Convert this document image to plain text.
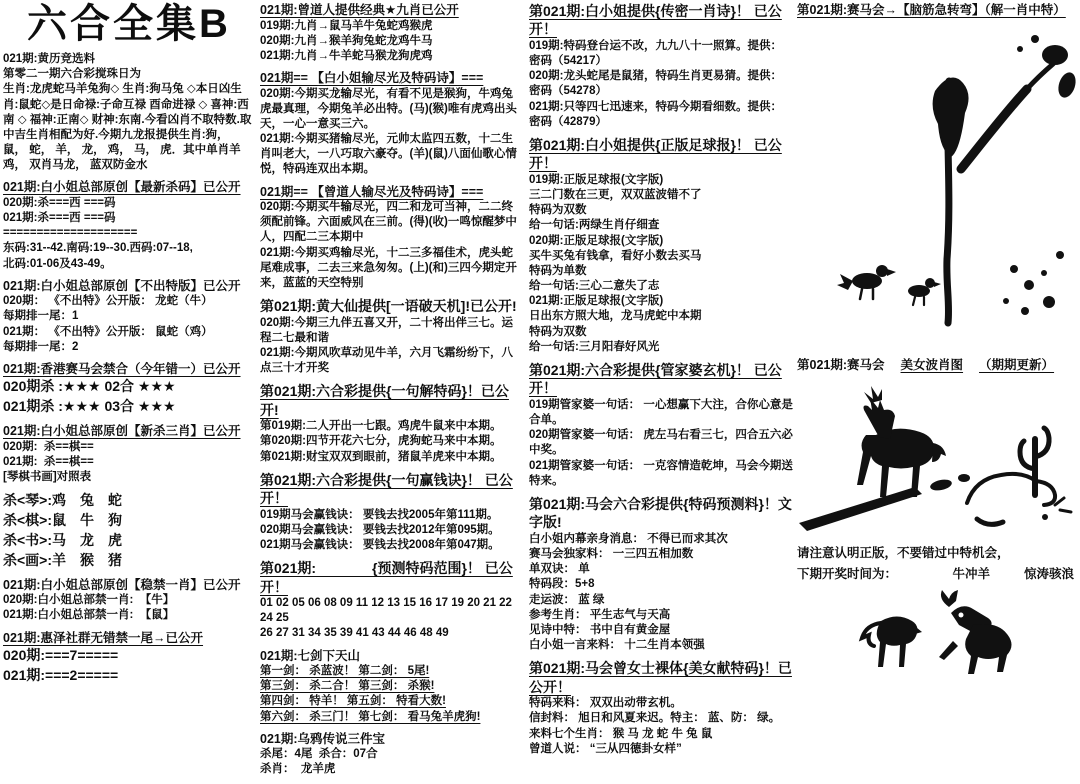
六合全集B
021期:黄历竞选料
第零二一期六合彩搅珠日为
生肖:龙虎蛇马羊兔狗◇ 生肖:狗马兔 ◇本日凶生肖:鼠蛇◇是日命禄:子命互禄 酉命进禄 ◇ 喜神:西南 ◇ 福神:正南◇ 财神:东南.今看凶肖不取特数.取中吉生肖相配为好.今期九龙报提供生肖:狗， 鼠， 蛇， 羊， 龙， 鸡， 马， 虎．其中单肖羊鸡， 双肖马龙， 蓝双防金水
021期:白小姐总部原创【最新杀码】已公开
020期:杀===西 ===码
021期:杀===西 ===码
====================
东码:31--42.南码:19--30.西码:07--18,
北码:01-06及43-49。
021期:白小姐总部原创【不出特版】已公开
020期： 《不出特》公开版： 龙蛇（牛）
每期排一尾：1
021期： 《不出特》公开版： 鼠蛇（鸡）
每期排一尾：2
021期:香港赛马会禁合（今年错一）已公开
020期杀 :★★★ 02合 ★★★
021期杀 :★★★ 03合 ★★★
021期:白小姐总部原创【新杀三肖】已公开
020期:  杀==棋==
021期:  杀==棋==
[琴棋书画]对照表
杀<琴>:鸡　兔　蛇
杀<棋>:鼠　牛　狗
杀<书>:马　龙　虎
杀<画>:羊　猴　猪
021期:白小姐总部原创【稳禁一肖】已公开
020期:白小姐总部禁一肖:  【牛】
021期:白小姐总部禁一肖:  【鼠】
021期:惠泽社群无错禁一尾→已公开
020期:===7=====
021期:===2=====
021期:曾道人提供经典★九肖已公开
019期:九肖→鼠马羊牛兔蛇鸡猴虎
020期:九肖→猴羊狗兔蛇龙鸡牛马
021期:九肖→牛羊蛇马猴龙狗虎鸡
021期== 【白小姐输尽光及特码诗】===
020期:今期买龙输尽光，有看不见是猴狗，牛鸡兔虎最真理，今期兔羊必出特。(马)(猴)唯有虎鸡出头天，一心一意买三六。
021期:今期买猪输尽光，元帅太监四五数，十二生肖叫老大，一八巧取六豪夺。(羊)(鼠)八面仙歌心情悦，特码连双出本期。
021期== 【曾道人输尽光及特码诗】===
020期:今期买牛输尽光，四二和龙可当神，二二终须配前锋。六面威风在三前。(得)(收)一鸣惊醒梦中人，四配二三本期中
021期:今期买鸡输尽光，十二三多福佳术，虎头蛇尾难成事，二去三来急匆匆。(上)(和)三四今期定开来，蓝蓝的天空特别
第021期:黄大仙提供[一语破天机]!已公开!
020期:今期三九伴五喜又开，二十将出伴三七。运程二七最和谐
021期:今期风吹草动见牛羊，六月飞霜纷纷下，八点三十才开奖
第021期:六合彩提供{一句解特码}！已公开!
第019期:二人开出一七跟。鸡虎牛鼠来中本期。
第020期:四节开花六七分，虎狗蛇马来中本期。
第021期:财宝双双到眼前，猪鼠羊虎来中本期。
第021期:六合彩提供{一句赢钱诀}！ 已公开！
019期马会赢钱诀： 要钱去找2005年第111期。
020期马会赢钱诀： 要钱去找2012年第095期。
021期马会赢钱诀： 要钱去找2008年第047期。
第021期:　　　　{预测特码范围}！ 已公开！
01 02 05 06 08 09 11 12 13 15 16 17 19 20 21 22 24 25
26 27 31 34 35 39 41 43 44 46 48 49
021期:七剑下天山
第一剑： 杀蓝波！ 第二剑： 5尾!
第三剑： 杀二合！ 第三剑： 杀猴!
第四剑： 特羊！ 第五剑： 特看大数!
第六剑： 杀三门！ 第七剑： 看马兔羊虎狗!
021期:乌鸦传说三件宝
杀尾：4尾  杀合：07合
杀肖：  龙羊虎
第021期:白小姐提供{传密一肖诗}！ 已公开！
019期:特码登台运不改，九九八十一照算。提供： 密码（54217）
020期:龙头蛇尾是鼠猪，特码生肖更易猜。提供： 密码（54278）
021期:只等四七迅速来，特码今期看细数。提供： 密码（42879）
第021期:白小姐提供{正版足球报}！ 已公开！
019期:正版足球报(文字版)
三二门数在三更，双双蓝波错不了
特码为双数
给一句话:两绿生肖仔细查
020期:正版足球报(文字版)
买牛买兔有钱拿，看好小数去买马
特码为单数
给一句话:三心二意失了志
021期:正版足球报(文字版)
日出东方照大地，龙马虎蛇中本期
特码为双数
给一句话:三月阳春好风光
第021期:六合彩提供{管家婆玄机}！ 已公开！
019期管家婆一句话： 一心想赢下大注，合你心意是合单。
020期管家婆一句话： 虎左马右看三七，四合五六必中奖。
021期管家婆一句话： 一克容情造乾坤，马会今期送特来。
第021期:马会六合彩提供{特码预测料}！文字版!
白小姐内幕亲身消息： 不得已而求其次
赛马会独家料： 一三四五相加数
单双诀： 单
特码段：5+8
走运波： 蓝 绿
参考生肖： 平生志气与天高
见诗中特： 书中自有黄金屋
白小姐一言来料： 十二生肖本领强
第021期:马会曾女士裸体{美女献特码}！已公开！
特码来料： 双双出动带玄机。
信封料： 旭日和风夏来迟。特主： 蓝、防： 绿。
来料七个生肖： 猴 马 龙 蛇 牛 兔 鼠
曾道人说： “三从四德卦女样”
第021期:赛马会→【脑筋急转弯】（解一肖中特）
第021期:赛马会 美女波肖图 （期期更新）
请注意认明正版，不要错过中特机会，
下期开奖时间为：	牛冲羊	惊涛骇浪
